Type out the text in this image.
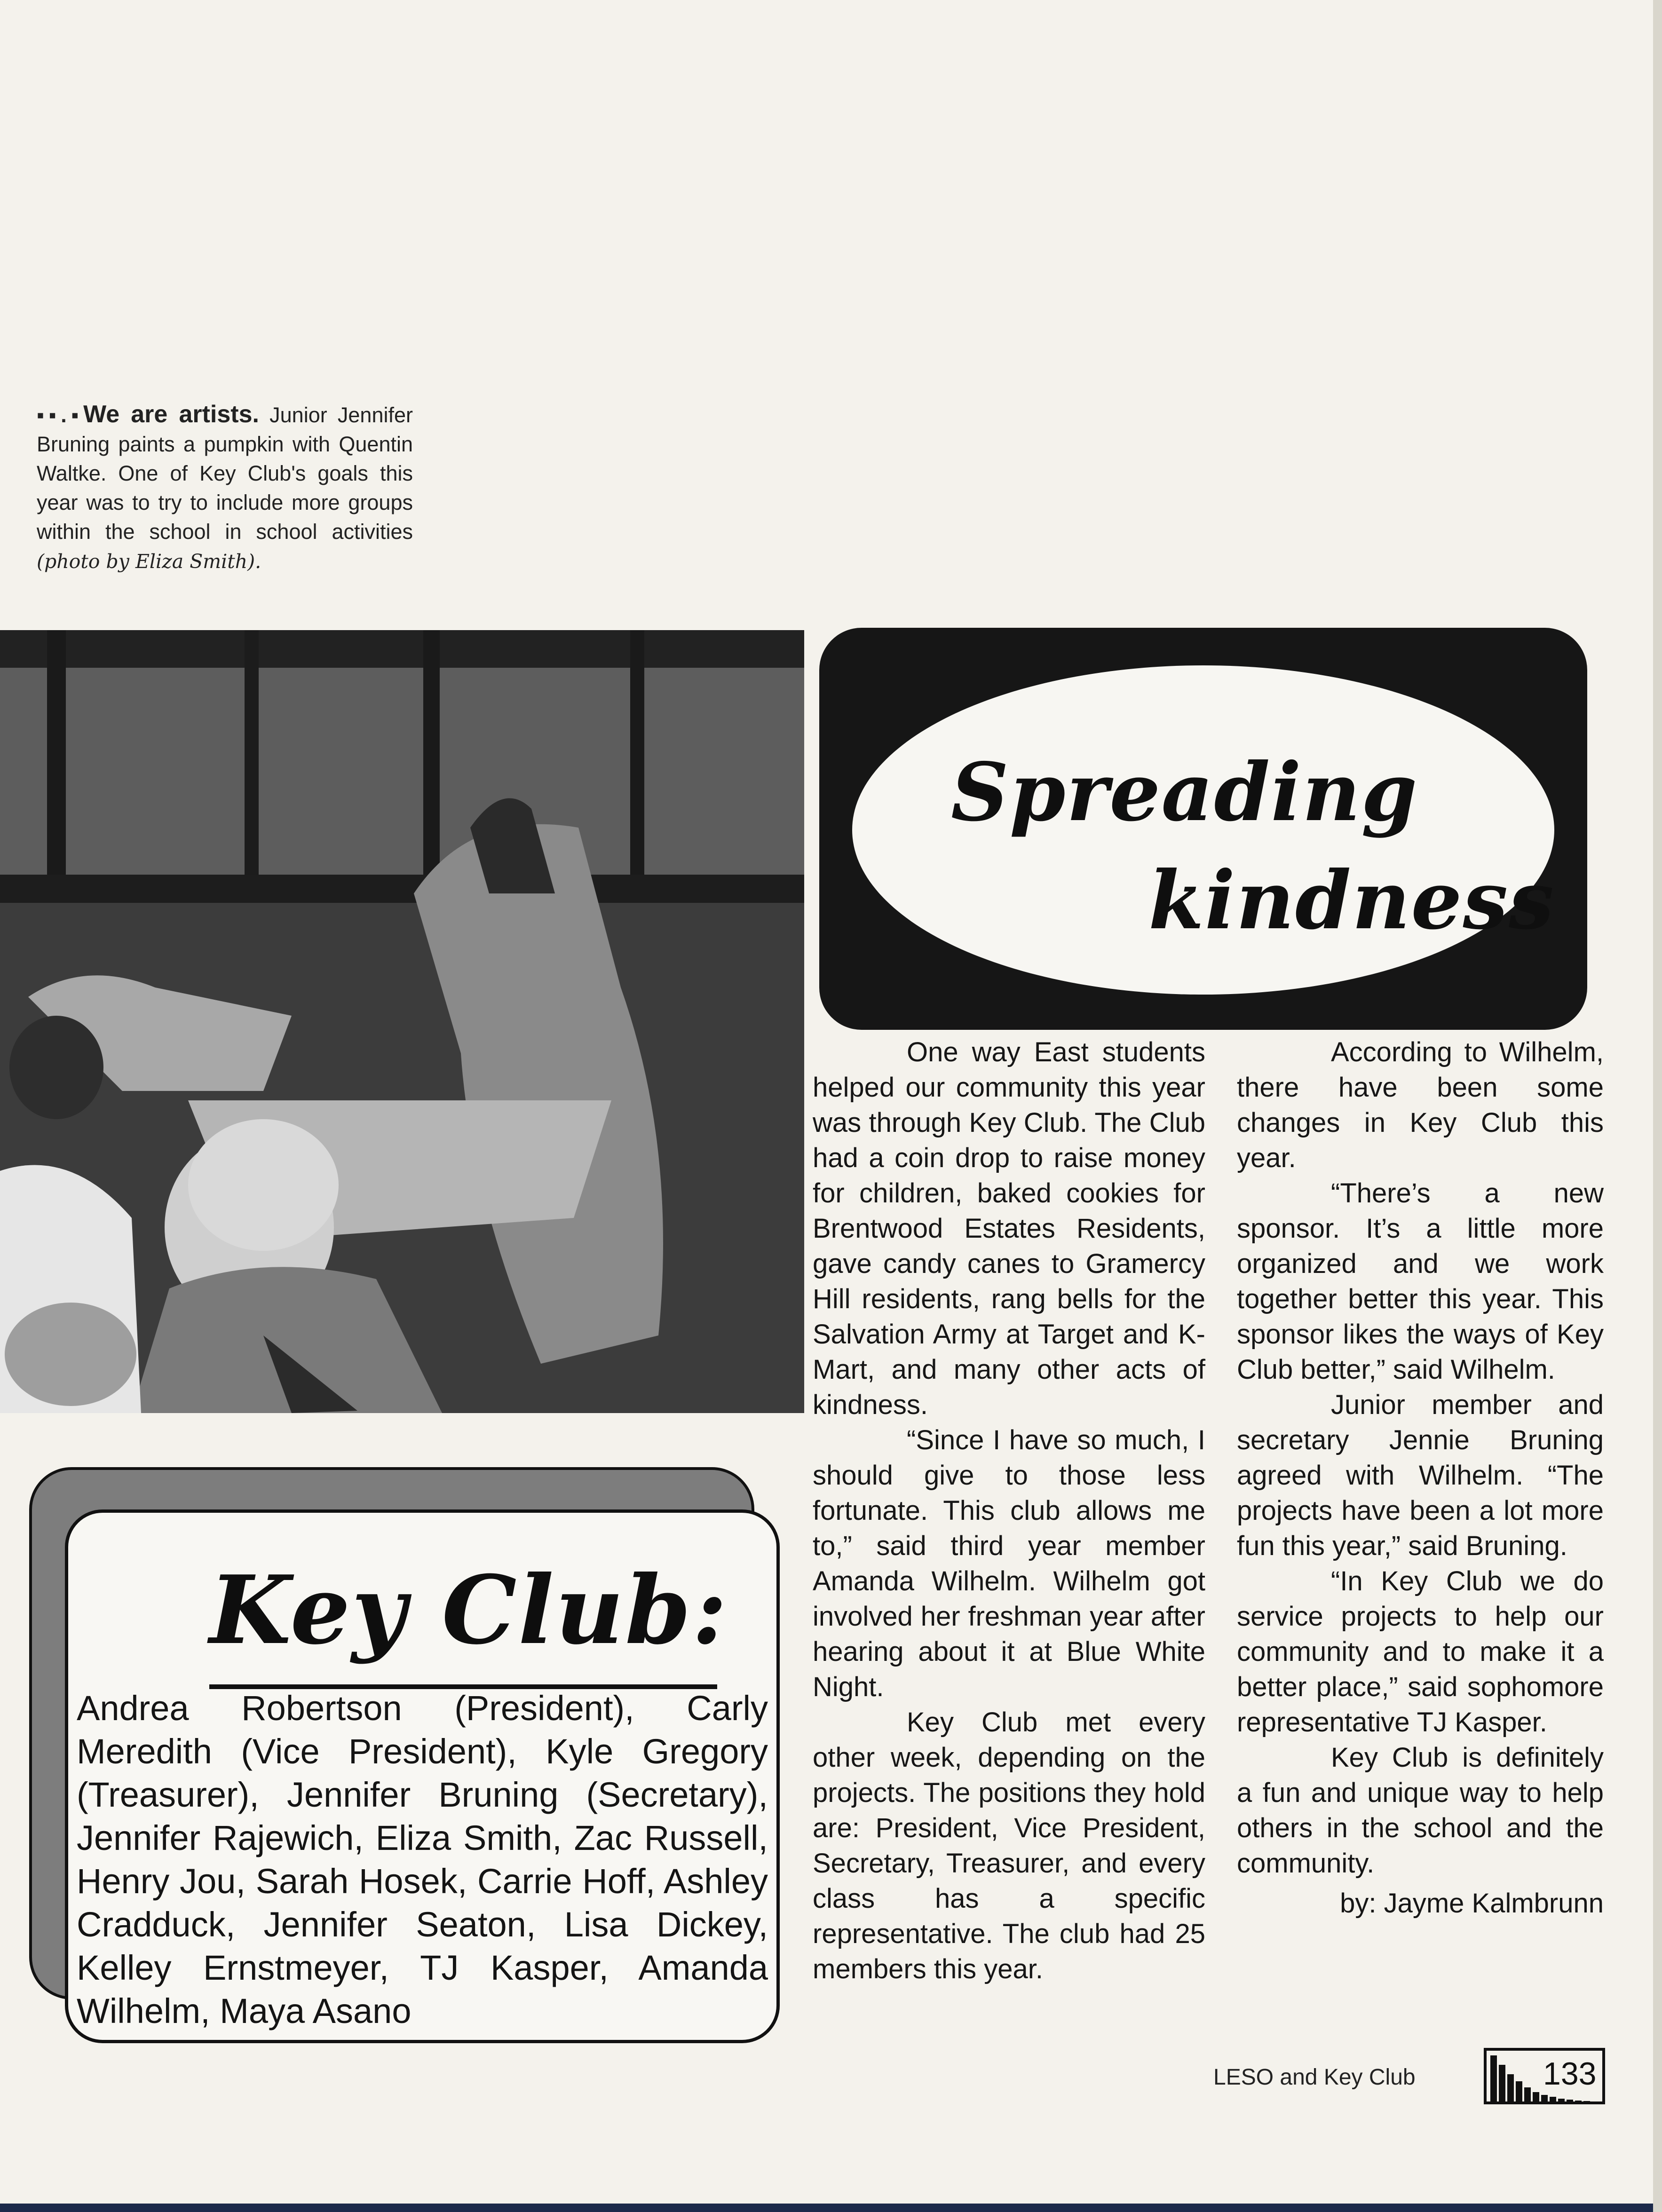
▪▪.▪We are artists. Junior Jennifer Bruning paints a pumpkin with Quentin Waltke. One of Key Club's goals this year was to try to include more groups within the school in school activities (photo by Eliza Smith).
Spreading
kindness

One way East students helped our community this year was through Key Club. The Club had a coin drop to raise money for children, baked cookies for Brentwood Estates Residents, gave candy canes to Gramercy Hill residents, rang bells for the Salvation Army at Target and K-Mart, and many other acts of kindness.

“Since I have so much, I should give to those less fortunate. This club allows me to,” said third year member Amanda Wilhelm. Wilhelm got involved her freshman year after hearing about it at Blue White Night.

Key Club met every other week, depending on the projects. The positions they hold are: President, Vice President, Secretary, Treasurer, and every class has a specific representative. The club had 25 members this year.

According to Wilhelm, there have been some changes in Key Club this year.

“There’s a new sponsor. It’s a little more organized and we work together better this year. This sponsor likes the ways of Key Club better,” said Wilhelm.

Junior member and secretary Jennie Bruning agreed with Wilhelm. “The projects have been a lot more fun this year,” said Bruning.

“In Key Club we do service projects to help our community and to make it a better place,” said sophomore representative TJ Kasper.

Key Club is definitely a fun and unique way to help others in the school and the community.

by: Jayme Kalmbrunn
Key Club:
Andrea Robertson (President), Carly Meredith (Vice President), Kyle Gregory (Treasurer), Jennifer Bruning (Secretary), Jennifer Rajewich, Eliza Smith, Zac Russell, Henry Jou, Sarah Hosek, Carrie Hoff, Ashley Cradduck, Jennifer Seaton, Lisa Dickey, Kelley Ernstmeyer, TJ Kasper, Amanda Wilhelm, Maya Asano
LESO and Key Club	133
